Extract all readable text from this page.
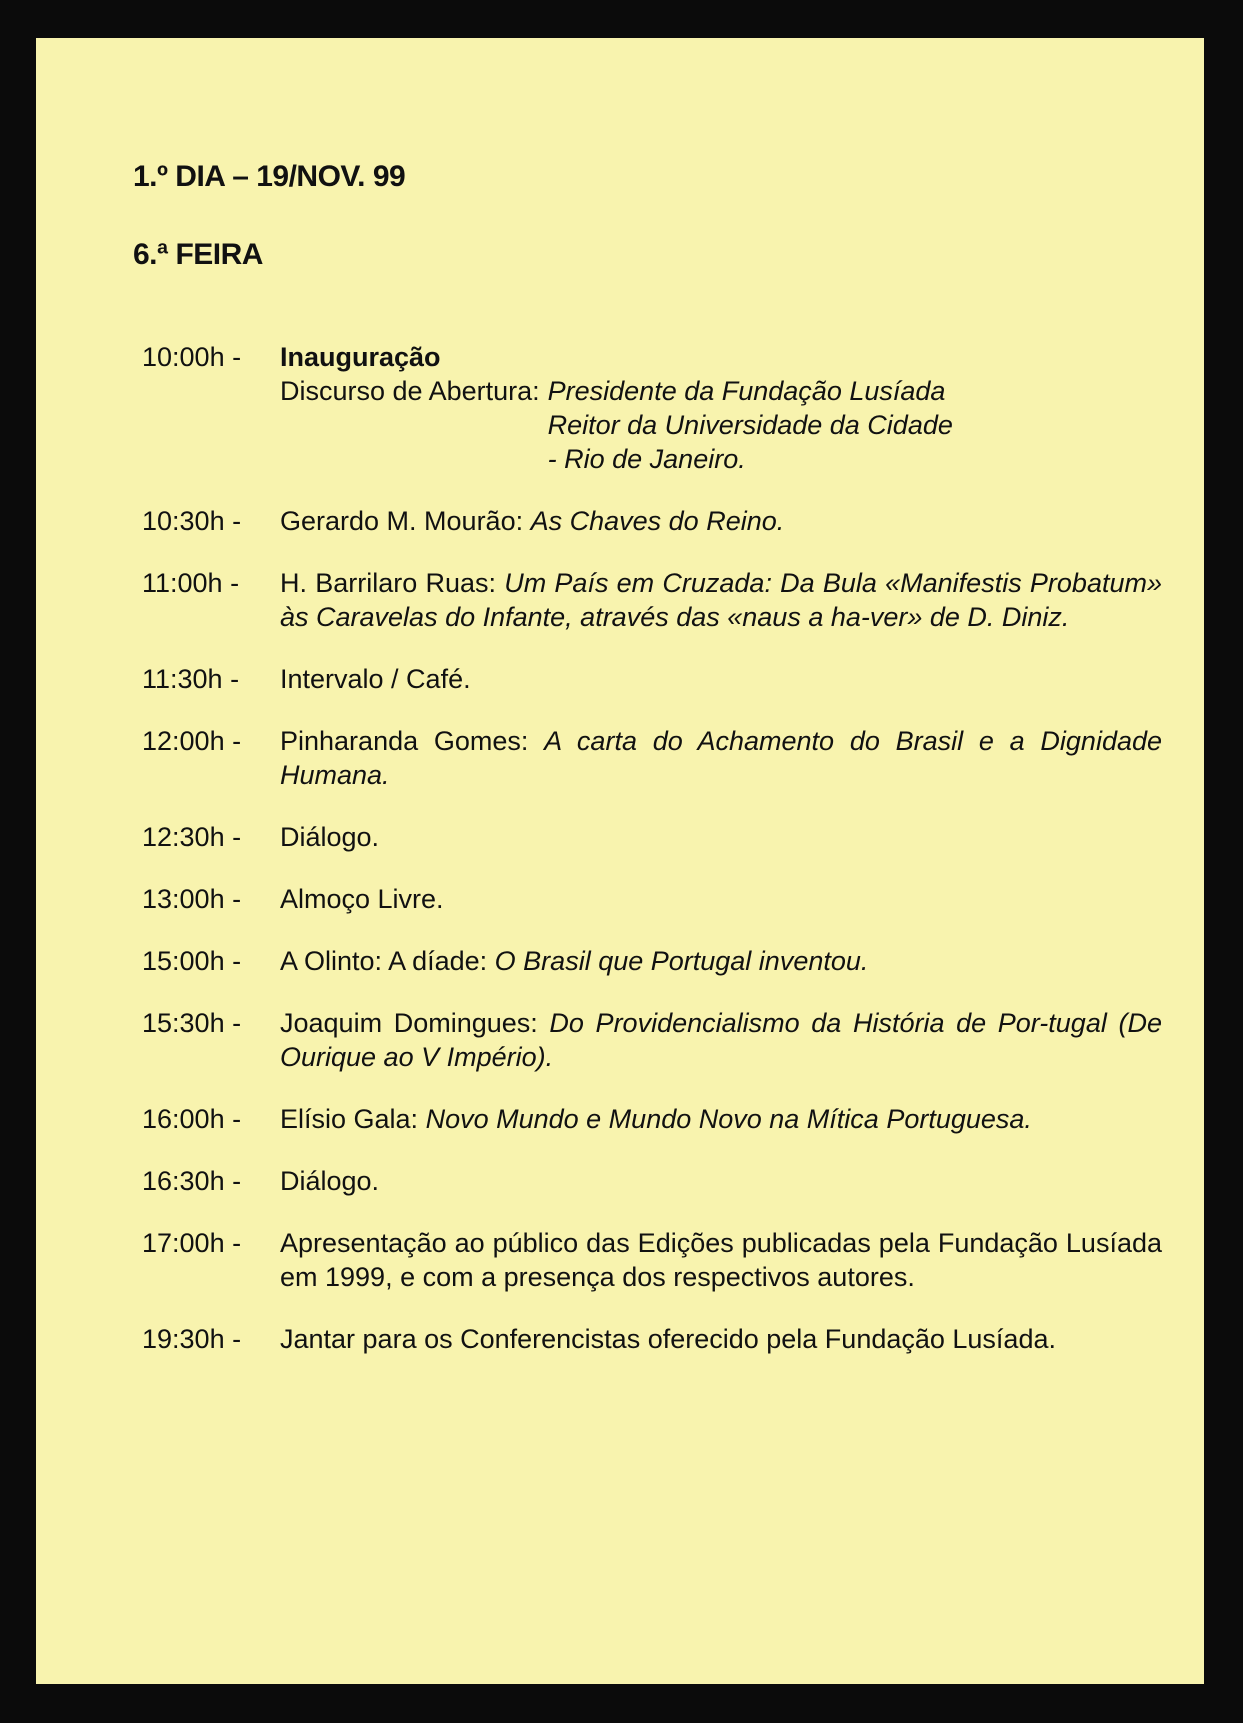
1.º DIA – 19/NOV. 99
6.ª FEIRA
10:00h -	Inauguração
Discurso de Abertura: Presidente da Fundação Lusíada
Reitor da Universidade da Cidade
- Rio de Janeiro.
10:30h -	Gerardo M. Mourão: As Chaves do Reino.
11:00h -	H. Barrilaro Ruas: Um País em Cruzada: Da Bula «Manifestis Probatum» às Caravelas do Infante, através das «naus a ha-ver» de D. Diniz.
11:30h -	Intervalo / Café.
12:00h -	Pinharanda Gomes: A carta do Achamento do Brasil e a Dignidade Humana.
12:30h -	Diálogo.
13:00h -	Almoço Livre.
15:00h -	A Olinto: A díade: O Brasil que Portugal inventou.
15:30h -	Joaquim Domingues: Do Providencialismo da História de Por-tugal (De Ourique ao V Império).
16:00h -	Elísio Gala: Novo Mundo e Mundo Novo na Mítica Portuguesa.
16:30h -	Diálogo.
17:00h -	Apresentação ao público das Edições publicadas pela Fundação Lusíada em 1999, e com a presença dos respectivos autores.
19:30h -	Jantar para os Conferencistas oferecido pela Fundação Lusíada.
